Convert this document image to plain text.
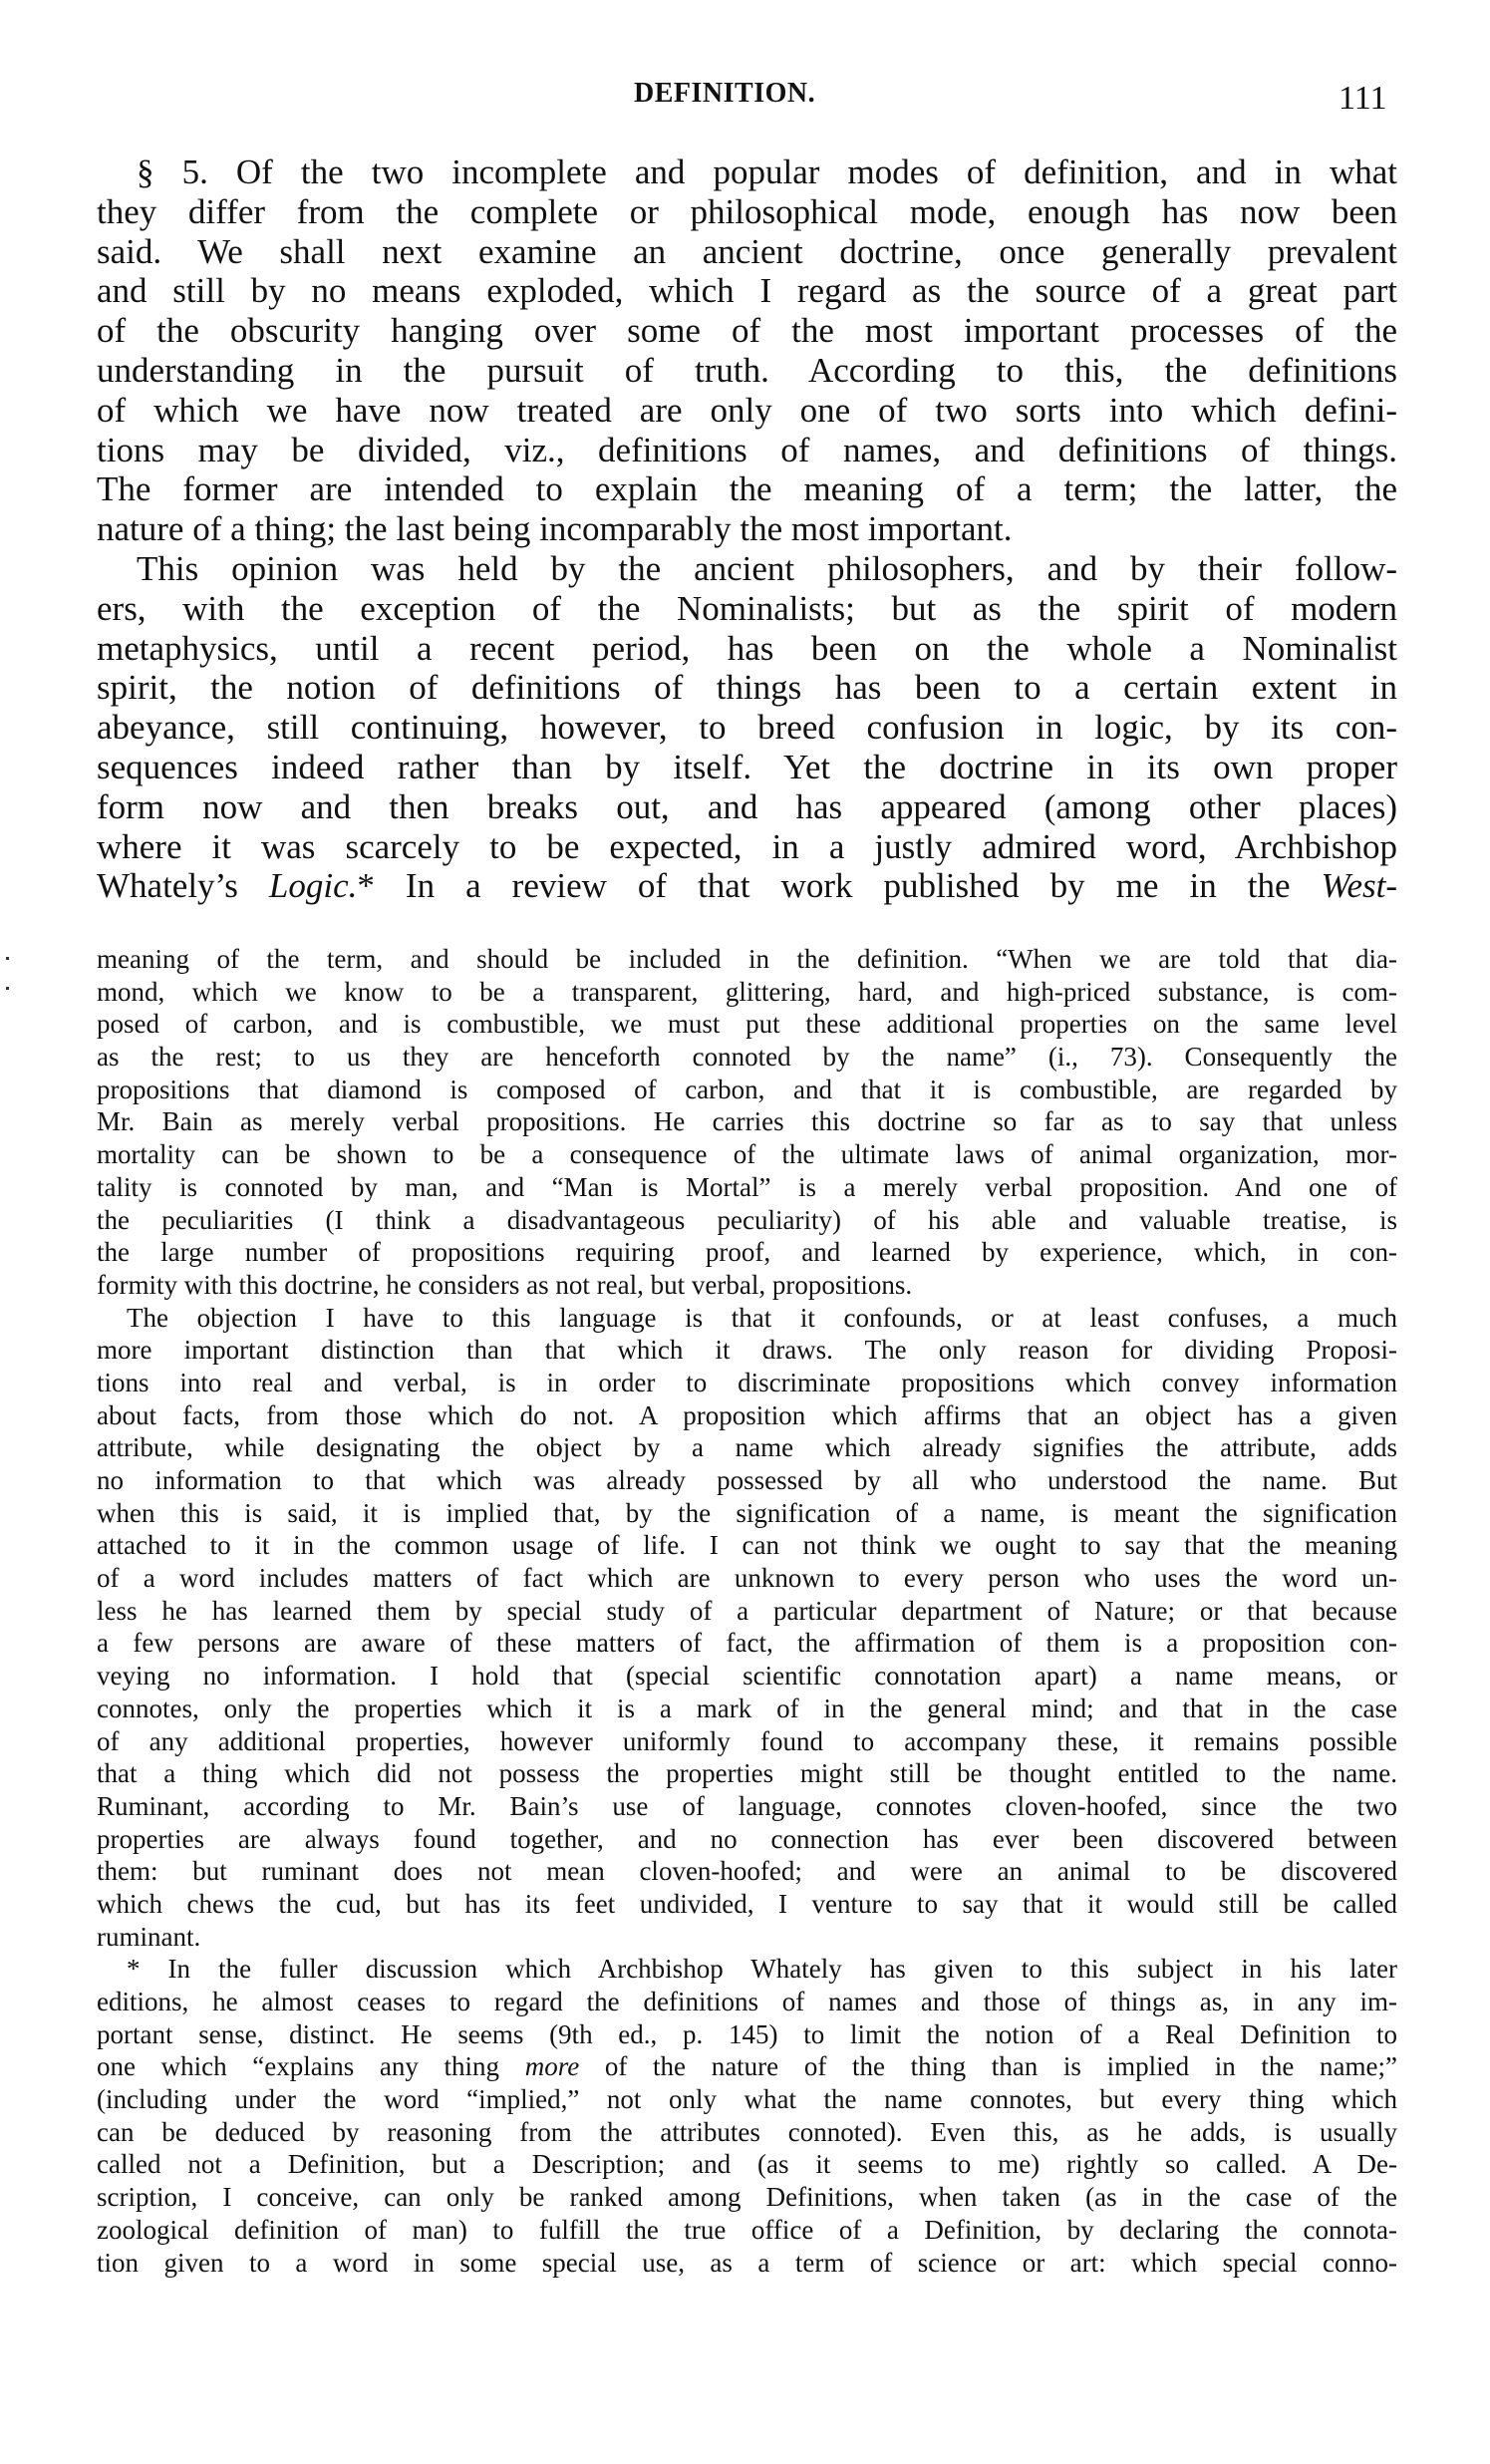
DEFINITION.	111
§ 5. Of the two incomplete and popular modes of definition, and in what
they differ from the complete or philosophical mode, enough has now been
said. We shall next examine an ancient doctrine, once generally prevalent
and still by no means exploded, which I regard as the source of a great part
of the obscurity hanging over some of the most important processes of the
understanding in the pursuit of truth. According to this, the definitions
of which we have now treated are only one of two sorts into which defini-
tions may be divided, viz., definitions of names, and definitions of things.
The former are intended to explain the meaning of a term; the latter, the
nature of a thing; the last being incomparably the most important.
This opinion was held by the ancient philosophers, and by their follow-
ers, with the exception of the Nominalists; but as the spirit of modern
metaphysics, until a recent period, has been on the whole a Nominalist
spirit, the notion of definitions of things has been to a certain extent in
abeyance, still continuing, however, to breed confusion in logic, by its con-
sequences indeed rather than by itself. Yet the doctrine in its own proper
form now and then breaks out, and has appeared (among other places)
where it was scarcely to be expected, in a justly admired word, Archbishop
Whately’s Logic.* In a review of that work published by me in the West-
meaning of the term, and should be included in the definition. “When we are told that dia-
mond, which we know to be a transparent, glittering, hard, and high-priced substance, is com-
posed of carbon, and is combustible, we must put these additional properties on the same level
as the rest; to us they are henceforth connoted by the name” (i., 73). Consequently the
propositions that diamond is composed of carbon, and that it is combustible, are regarded by
Mr. Bain as merely verbal propositions. He carries this doctrine so far as to say that unless
mortality can be shown to be a consequence of the ultimate laws of animal organization, mor-
tality is connoted by man, and “Man is Mortal” is a merely verbal proposition. And one of
the peculiarities (I think a disadvantageous peculiarity) of his able and valuable treatise, is
the large number of propositions requiring proof, and learned by experience, which, in con-
formity with this doctrine, he considers as not real, but verbal, propositions.
The objection I have to this language is that it confounds, or at least confuses, a much
more important distinction than that which it draws. The only reason for dividing Proposi-
tions into real and verbal, is in order to discriminate propositions which convey information
about facts, from those which do not. A proposition which affirms that an object has a given
attribute, while designating the object by a name which already signifies the attribute, adds
no information to that which was already possessed by all who understood the name. But
when this is said, it is implied that, by the signification of a name, is meant the signification
attached to it in the common usage of life. I can not think we ought to say that the meaning
of a word includes matters of fact which are unknown to every person who uses the word un-
less he has learned them by special study of a particular department of Nature; or that because
a few persons are aware of these matters of fact, the affirmation of them is a proposition con-
veying no information. I hold that (special scientific connotation apart) a name means, or
connotes, only the properties which it is a mark of in the general mind; and that in the case
of any additional properties, however uniformly found to accompany these, it remains possible
that a thing which did not possess the properties might still be thought entitled to the name.
Ruminant, according to Mr. Bain’s use of language, connotes cloven-hoofed, since the two
properties are always found together, and no connection has ever been discovered between
them: but ruminant does not mean cloven-hoofed; and were an animal to be discovered
which chews the cud, but has its feet undivided, I venture to say that it would still be called
ruminant.
* In the fuller discussion which Archbishop Whately has given to this subject in his later
editions, he almost ceases to regard the definitions of names and those of things as, in any im-
portant sense, distinct. He seems (9th ed., p. 145) to limit the notion of a Real Definition to
one which “explains any thing more of the nature of the thing than is implied in the name;”
(including under the word “implied,” not only what the name connotes, but every thing which
can be deduced by reasoning from the attributes connoted). Even this, as he adds, is usually
called not a Definition, but a Description; and (as it seems to me) rightly so called. A De-
scription, I conceive, can only be ranked among Definitions, when taken (as in the case of the
zoological definition of man) to fulfill the true office of a Definition, by declaring the connota-
tion given to a word in some special use, as a term of science or art: which special conno-
